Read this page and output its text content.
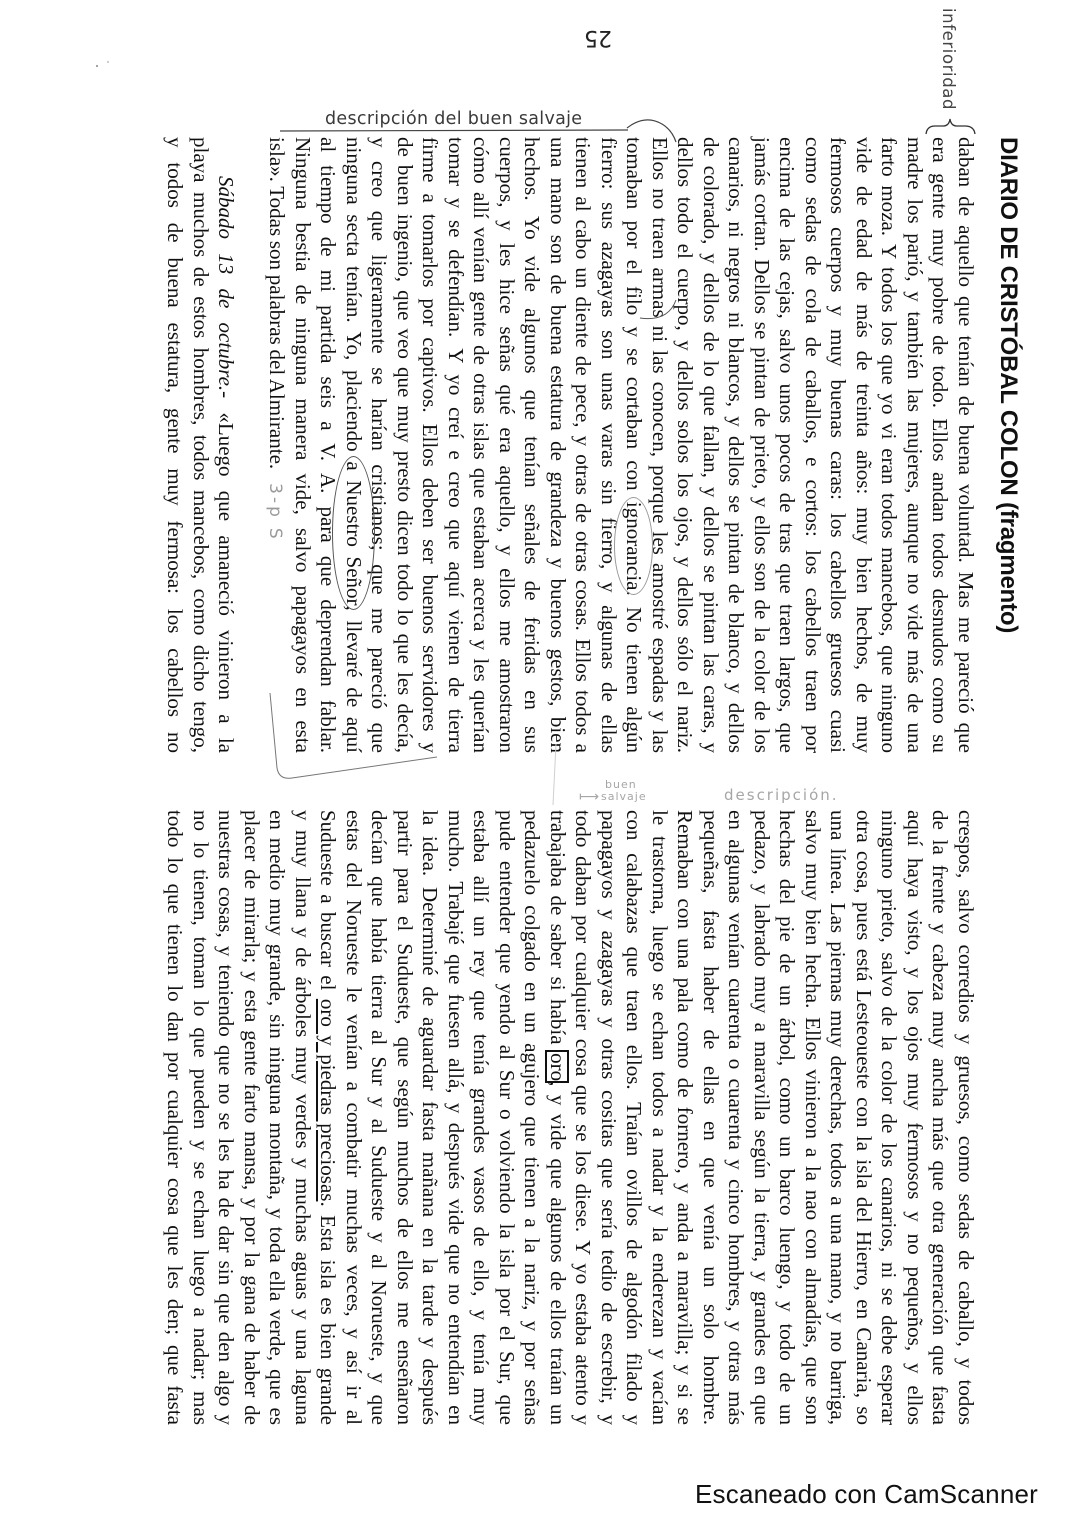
DIARIO DE CRISTÓBAL COLON (fragmento)
inferioridad
daban de aquello que tenían de buena voluntad. Mas me pareció que
era gente muy pobre de todo. Ellos andan todos desnudos como su
madre los parió, y también las mujeres, aunque no vide más de una
farto moza. Y todos los que yo vi eran todos mancebos, que ninguno
vide de edad de más de treinta años: muy bien hechos, de muy
fermosos cuerpos y muy buenas caras: los cabellos gruesos cuasi
como sedas de cola de caballos, e cortos: los cabellos traen por
encima de las cejas, salvo unos pocos de tras que traen largos, que
jamás cortan. Dellos se pintan de prieto, y ellos son de la color de los
canarios, ni negros ni blancos, y dellos se pintan de blanco, y dellos
de colorado, y dellos de lo que fallan, y dellos se pintan las caras, y
dellos todo el cuerpo, y dellos solos los ojos, y dellos sólo el nariz.
Ellos no traen armas ni las conocen, porque les amostré espadas y las
tomaban por el filo y se cortaban con ignorancia. No tienen algún
fierro: sus azagayas son unas varas sin fierro, y algunas de ellas
tienen al cabo un diente de pece, y otras de otras cosas. Ellos todos a
una mano son de buena estatura de grandeza y buenos gestos, bien
hechos. Yo vide algunos que tenían señales de feridas en sus
cuerpos, y les hice señas qué era aquello, y ellos me amostraron
cómo allí venían gente de otras islas que estaban acerca y les querían
tomar y se defendían. Y yo creí e creo que aquí vienen de tierra
firme a tomarlos por captivos. Ellos deben ser buenos servidores y
de buen ingenio, que veo que muy presto dicen todo lo que les decía,
y creo que ligeramente se harían cristianos; que me pareció que
ninguna secta tenían. Yo, placiendo a Nuestro Señor, llevaré de aquí
al tiempo de mi partida seis a V. A. para que deprendan fablar.
Ninguna bestia de ninguna manera vide, salvo papagayos en esta
isla». Todas son palabras del Almirante.3-p S
Sábado 13 de octubre.- «Luego que amaneció vinieron a la
playa muchos de estos hombres, todos mancebos, como dicho tengo,
y todos de buena estatura, gente muy fermosa: los cabellos no
crespos, salvo corredios y gruesos, como sedas de caballo, y todos
de la frente y cabeza muy ancha más que otra generación que fasta
aquí haya visto, y los ojos muy fermosos y no pequeños, y ellos
ninguno prieto, salvo de la color de los canarios, ni se debe esperar
otra cosa, pues está Lesteoueste con la isla del Hierro, en Canaria, so
una línea. Las piernas muy derechas, todos a una mano, y no barriga,
salvo muy bien hecha. Ellos vinieron a la nao con almadías, que son
hechas del pie de un árbol, como un barco luengo, y todo de un
pedazo, y labrado muy a maravilla según la tierra, y grandes en que
en algunas venían cuarenta o cuarenta y cinco hombres, y otras más
pequeñas, fasta haber de ellas en que venía un solo hombre.
Remaban con una pala como de fornero, y anda a maravilla; y si se
le trastorna, luego se echan todos a nadar y la enderezan y vacían
con calabazas que traen ellos. Traían ovillos de algodón filado y
papagayos y azagayas y otras cositas que sería tedio de escrebir, y
todo daban por cualquier cosa que se los diese. Y yo estaba atento y
trabajaba de saber si había oro, y vide que algunos de ellos traían un
pedazuelo colgado en un agujero que tienen a la nariz, y por señas
pude entender que yendo al Sur o volviendo la isla por el Sur, que
estaba allí un rey que tenía grandes vasos de ello, y tenía muy
mucho. Trabajé que fuesen allá, y después vide que no entendían en
la idea. Determiné de aguardar fasta mañana en la tarde y después
partir para el Sudueste, que según muchos de ellos me enseñaron
decían que había tierra al Sur y al Sudueste y al Norueste, y que
estas del Norueste le venían a combatir muchas veces, y así ir al
Sudueste a buscar el oro y piedras preciosas. Esta isla es bien grande
y muy llana y de árboles muy verdes y muchas aguas y una laguna
en medio muy grande, sin ninguna montaña, y toda ella verde, que es
placer de mirarla; y esta gente farto mansa, y por la gana de haber de
nuestras cosas, y teniendo que no se les ha de dar sin que den algo y
no lo tienen, toman lo que pueden y se echan luego a nadar; mas
todo lo que tienen lo dan por cualquier cosa que les den; que fasta
25
descripción del buen salvaje
descripción.
buen
salvaje
⟼
Escaneado con CamScanner
